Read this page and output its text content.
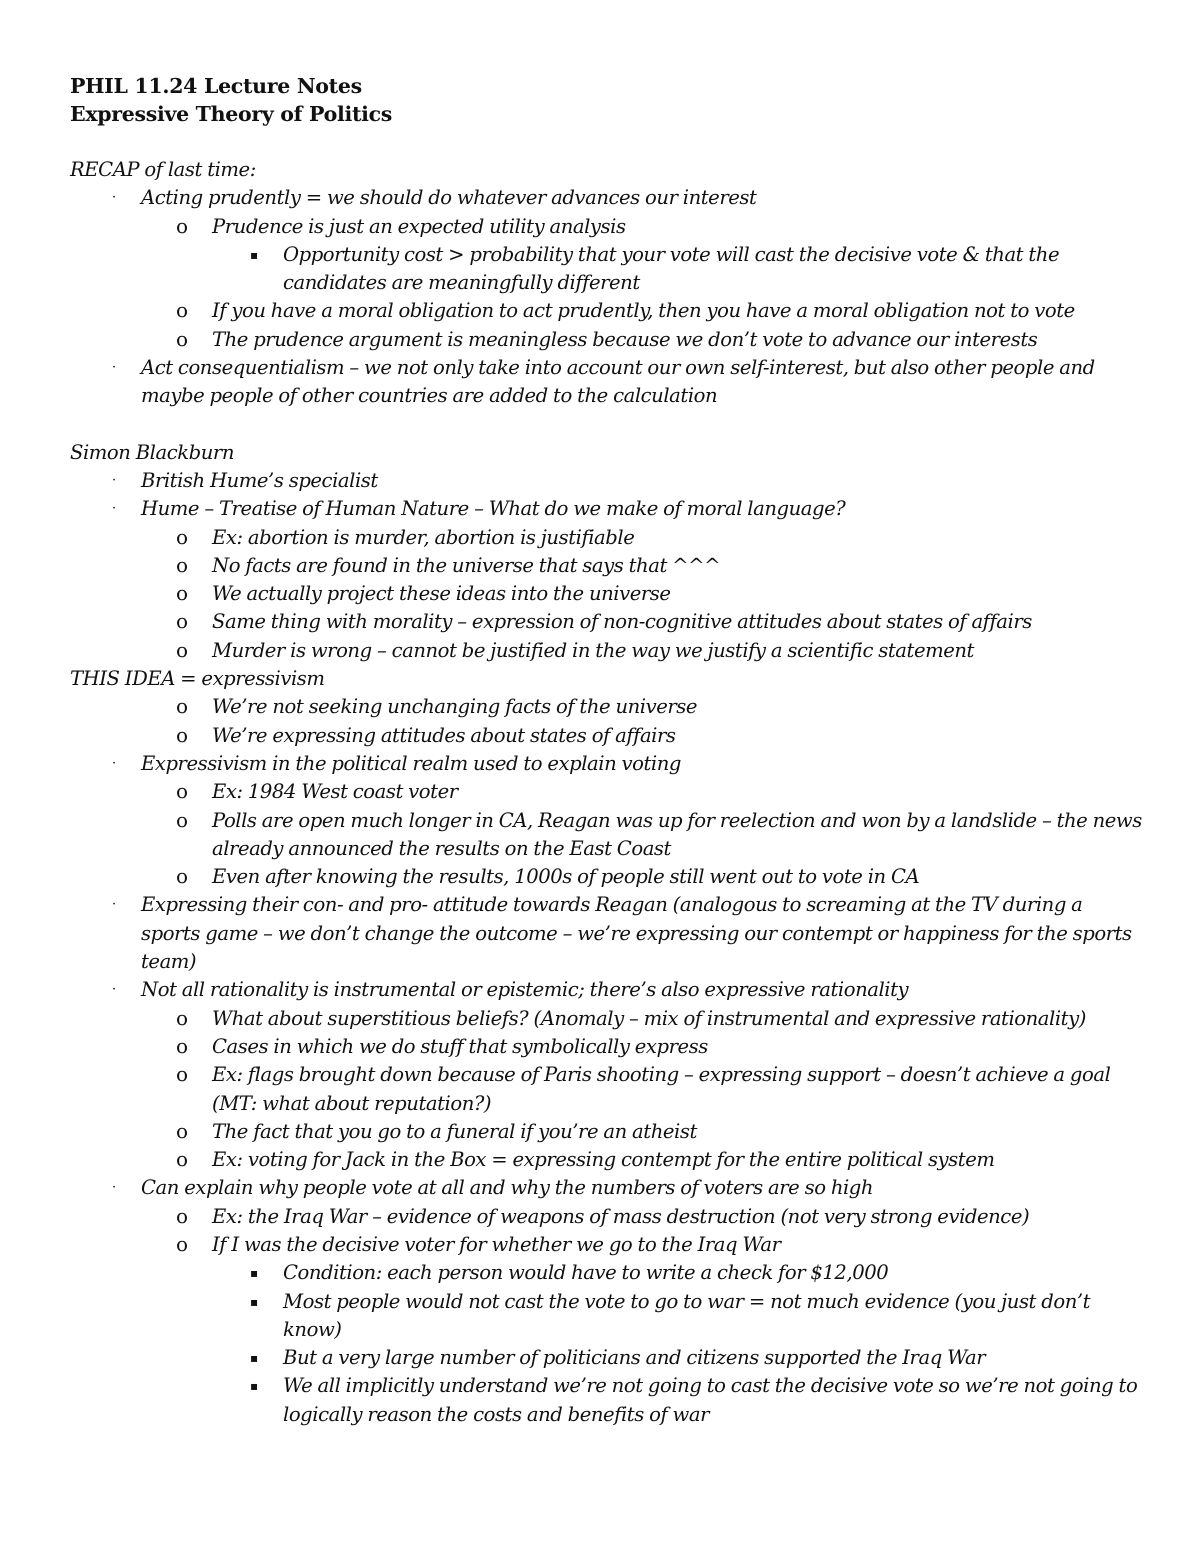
PHIL 11.24 Lecture Notes
Expressive Theory of Politics
RECAP of last time:
· Acting prudently = we should do whatever advances our interest
o Prudence is just an expected utility analysis
▪ Opportunity cost > probability that your vote will cast the decisive vote & that the candidates are meaningfully different
o If you have a moral obligation to act prudently, then you have a moral obligation not to vote
o The prudence argument is meaningless because we don’t vote to advance our interests
· Act consequentialism – we not only take into account our own self-interest, but also other people and maybe people of other countries are added to the calculation
Simon Blackburn
· British Hume’s specialist
· Hume – Treatise of Human Nature – What do we make of moral language?
o Ex: abortion is murder, abortion is justifiable
o No facts are found in the universe that says that ^^^
o We actually project these ideas into the universe
o Same thing with morality – expression of non-cognitive attitudes about states of affairs
o Murder is wrong – cannot be justified in the way we justify a scientific statement
THIS IDEA = expressivism
o We’re not seeking unchanging facts of the universe
o We’re expressing attitudes about states of affairs
· Expressivism in the political realm used to explain voting
o Ex: 1984 West coast voter
o Polls are open much longer in CA, Reagan was up for reelection and won by a landslide – the news already announced the results on the East Coast
o Even after knowing the results, 1000s of people still went out to vote in CA
· Expressing their con- and pro- attitude towards Reagan (analogous to screaming at the TV during a sports game – we don’t change the outcome – we’re expressing our contempt or happiness for the sports team)
· Not all rationality is instrumental or epistemic; there’s also expressive rationality
o What about superstitious beliefs? (Anomaly – mix of instrumental and expressive rationality)
o Cases in which we do stuff that symbolically express
o Ex: flags brought down because of Paris shooting – expressing support – doesn’t achieve a goal (MT: what about reputation?)
o The fact that you go to a funeral if you’re an atheist
o Ex: voting for Jack in the Box = expressing contempt for the entire political system
· Can explain why people vote at all and why the numbers of voters are so high
o Ex: the Iraq War – evidence of weapons of mass destruction (not very strong evidence)
o If I was the decisive voter for whether we go to the Iraq War
▪ Condition: each person would have to write a check for $12,000
▪ Most people would not cast the vote to go to war = not much evidence (you just don’t know)
▪ But a very large number of politicians and citizens supported the Iraq War
▪ We all implicitly understand we’re not going to cast the decisive vote so we’re not going to logically reason the costs and benefits of war
